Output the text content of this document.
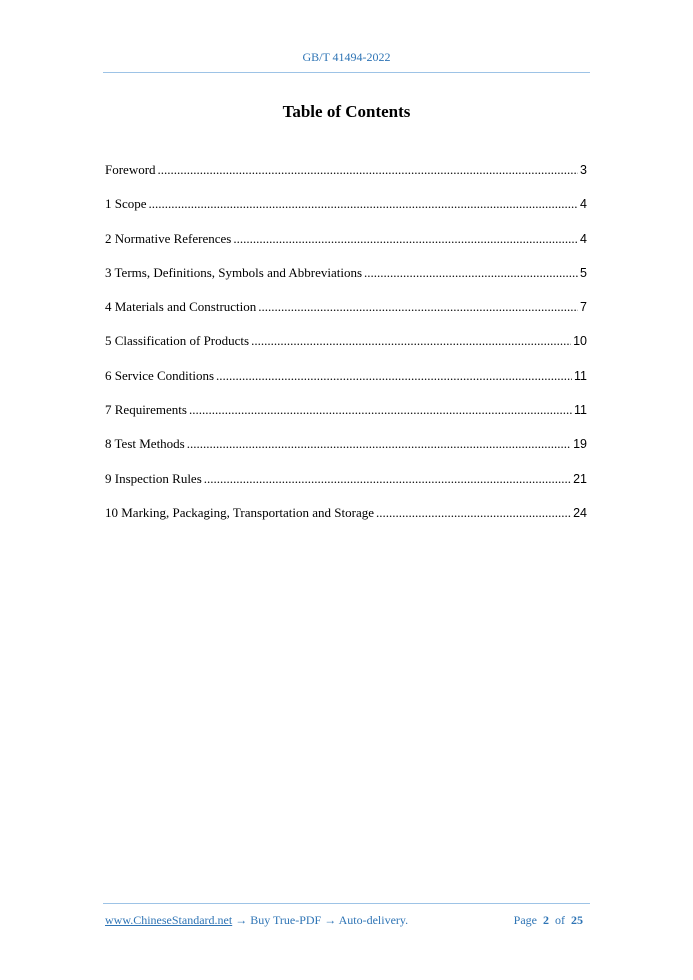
GB/T 41494-2022
Table of Contents
Foreword .....	3
1 Scope .....	4
2 Normative References .....	4
3 Terms, Definitions, Symbols and Abbreviations .....	5
4 Materials and Construction .....	7
5 Classification of Products .....	10
6 Service Conditions .....	11
7 Requirements .....	11
8 Test Methods .....	19
9 Inspection Rules .....	21
10 Marking, Packaging, Transportation and Storage .....	24
www.ChineseStandard.net → Buy True-PDF → Auto-delivery.	Page 2 of 25
